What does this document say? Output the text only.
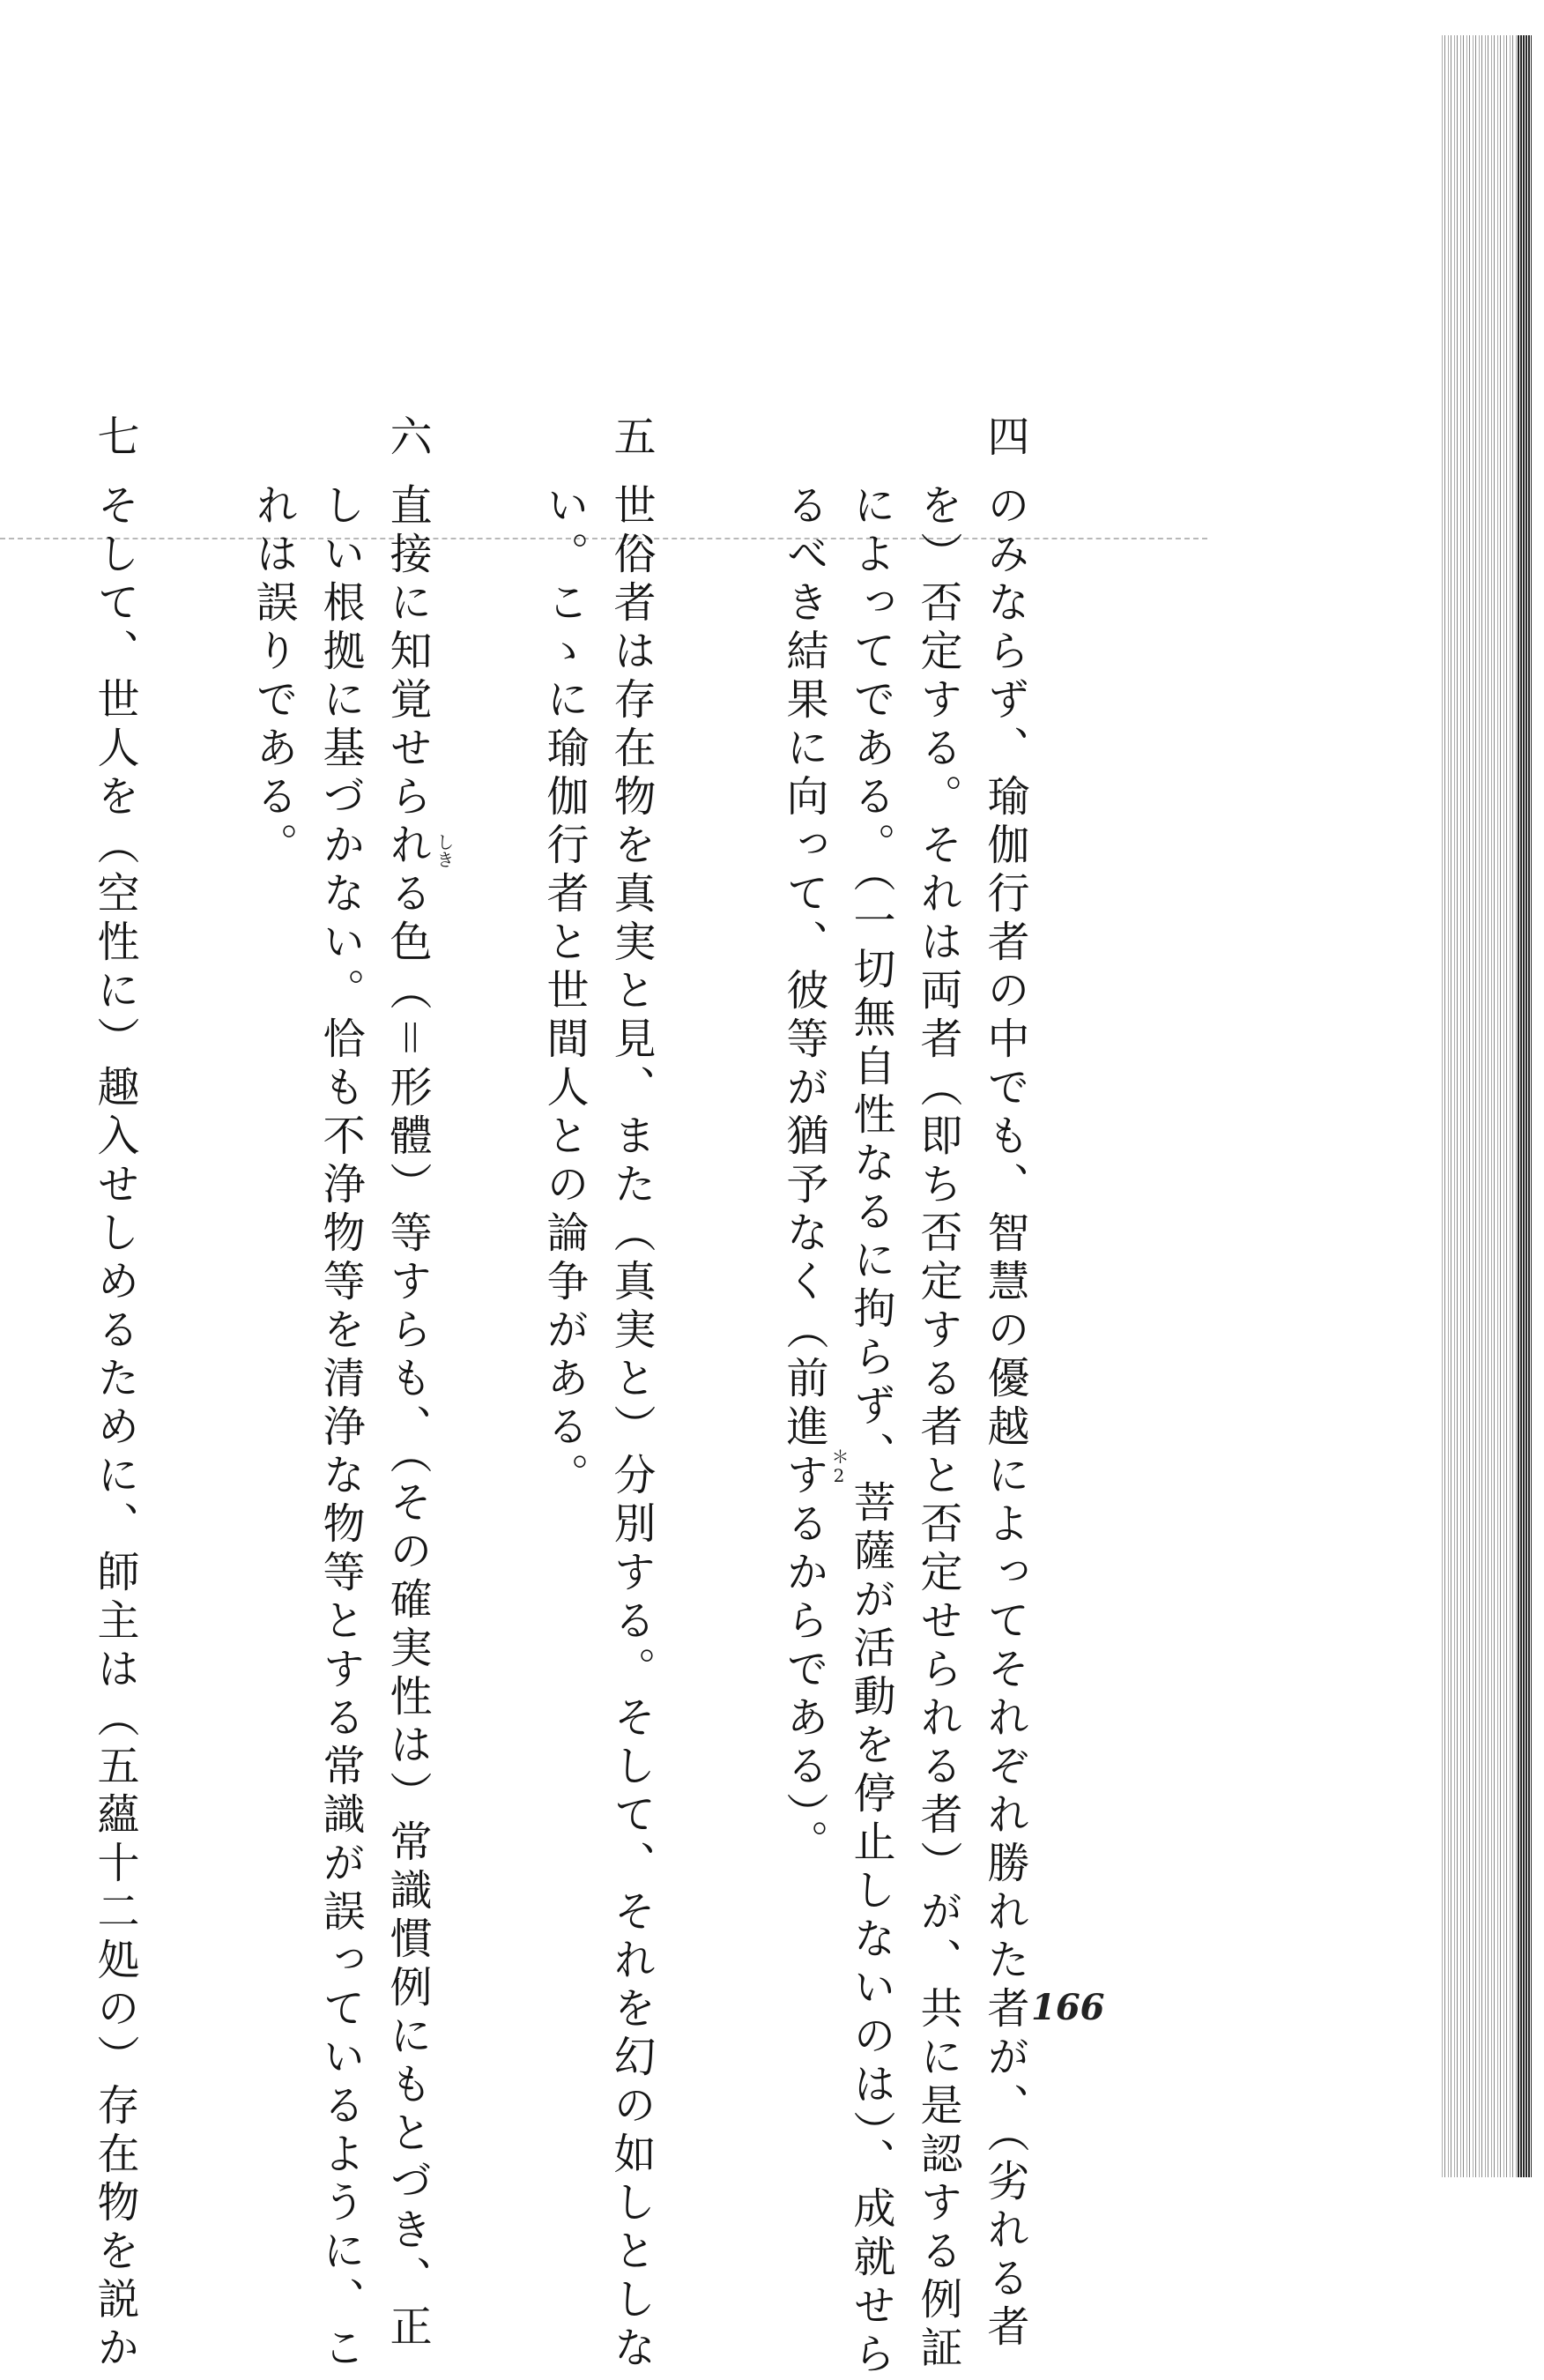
四
のみならず、瑜伽行者の中でも、智慧の優越によってそれぞれ勝れた者が、（劣れる者
を）否定する。それは両者（即ち否定する者と否定せられる者）が、共に是認する例証
によってである。（一切無自性なるに拘らず、菩薩が活動を停止しないのは）、成就せら
るべき結果に向って、彼等が猶予なく（前進するからである）。 ＊2
五
世俗者は存在物を真実と見、また（真実と）分別する。そして、それを幻の如しとしな
い。こゝに瑜伽行者と世間人との論争がある。
六
直接に知覚せられる色（＝形體）等すらも、（その確実性は）常識慣例にもとづき、正
しい根拠に基づかない。恰も不浄物等を清浄な物等とする常識が誤っているように、こ
れは誤りである。	しき
七
そして、世人を（空性に）趣入せしめるために、師主は（五蘊十二処の）存在物を説か	166
